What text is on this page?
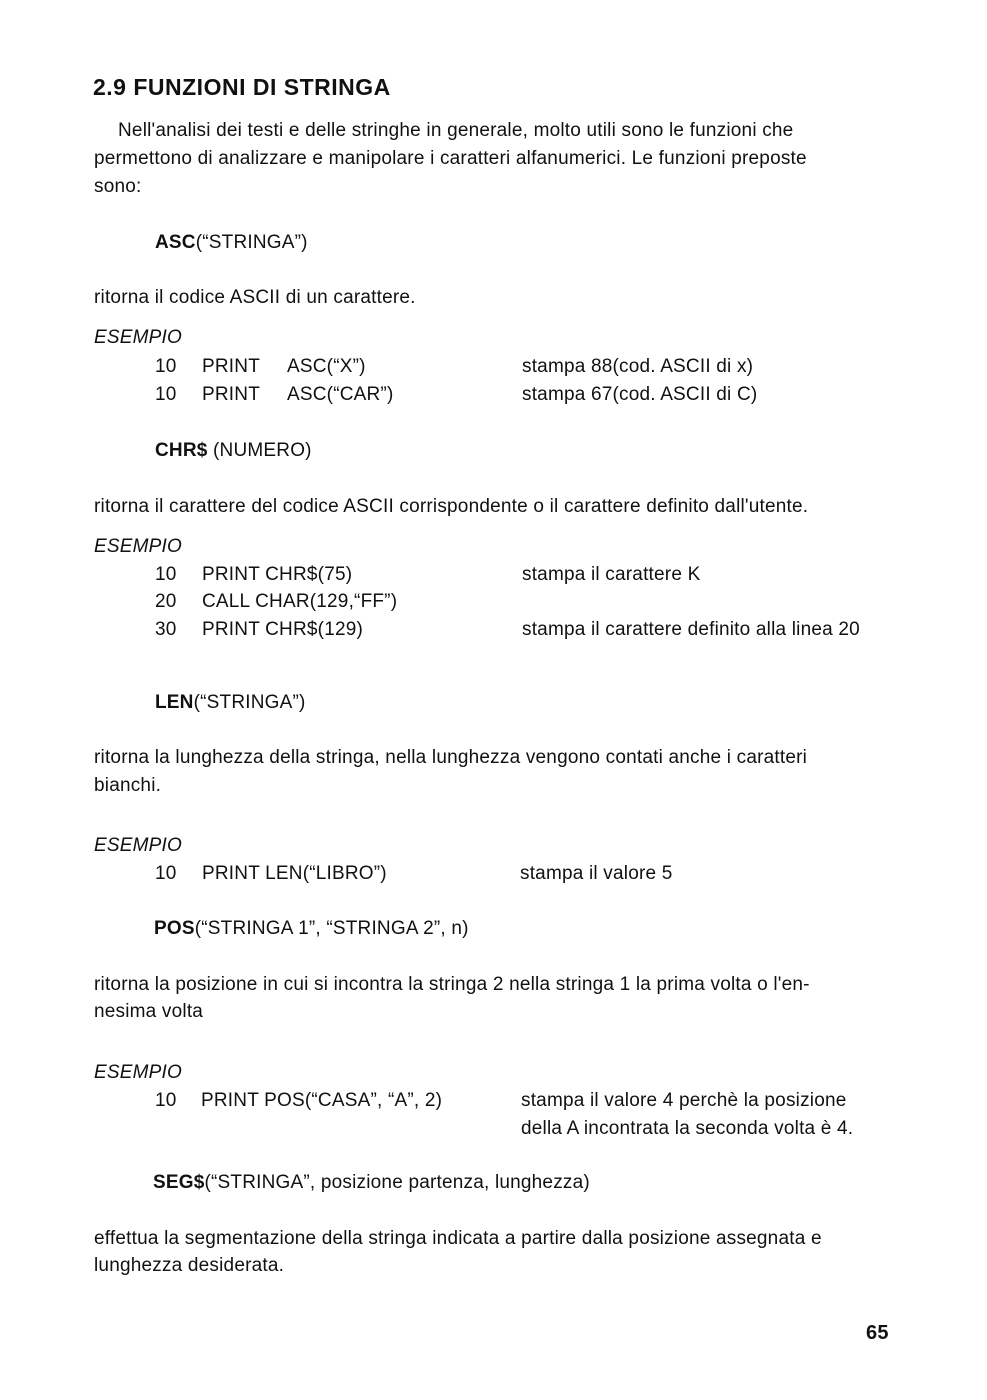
2.9 FUNZIONI DI STRINGA
Nell'analisi dei testi e delle stringhe in generale, molto utili sono le funzioni che
permettono di analizzare e manipolare i caratteri alfanumerici. Le funzioni preposte
sono:
ASC(“STRINGA”)
ritorna il codice ASCII di un carattere.
ESEMPIO
10 PRINT ASC(“X”)	stampa 88(cod. ASCII di x)
10 PRINT ASC(“CAR”)	stampa 67(cod. ASCII di C)
CHR$ (NUMERO)
ritorna il carattere del codice ASCII corrispondente o il carattere definito dall'utente.
ESEMPIO
10 PRINT CHR$(75)	stampa il carattere K
20 CALL CHAR(129,“FF”)
30 PRINT CHR$(129)	stampa il carattere definito alla linea 20
LEN(“STRINGA”)
ritorna la lunghezza della stringa, nella lunghezza vengono contati anche i caratteri
bianchi.
ESEMPIO
10 PRINT LEN(“LIBRO”)	stampa il valore 5
POS(“STRINGA 1”, “STRINGA 2”, n)
ritorna la posizione in cui si incontra la stringa 2 nella stringa 1 la prima volta o l'en-
nesima volta
ESEMPIO
10 PRINT POS(“CASA”, “A”, 2)	stampa il valore 4 perchè la posizione
della A incontrata la seconda volta è 4.
SEG$(“STRINGA”, posizione partenza, lunghezza)
effettua la segmentazione della stringa indicata a partire dalla posizione assegnata e
lunghezza desiderata.
65
